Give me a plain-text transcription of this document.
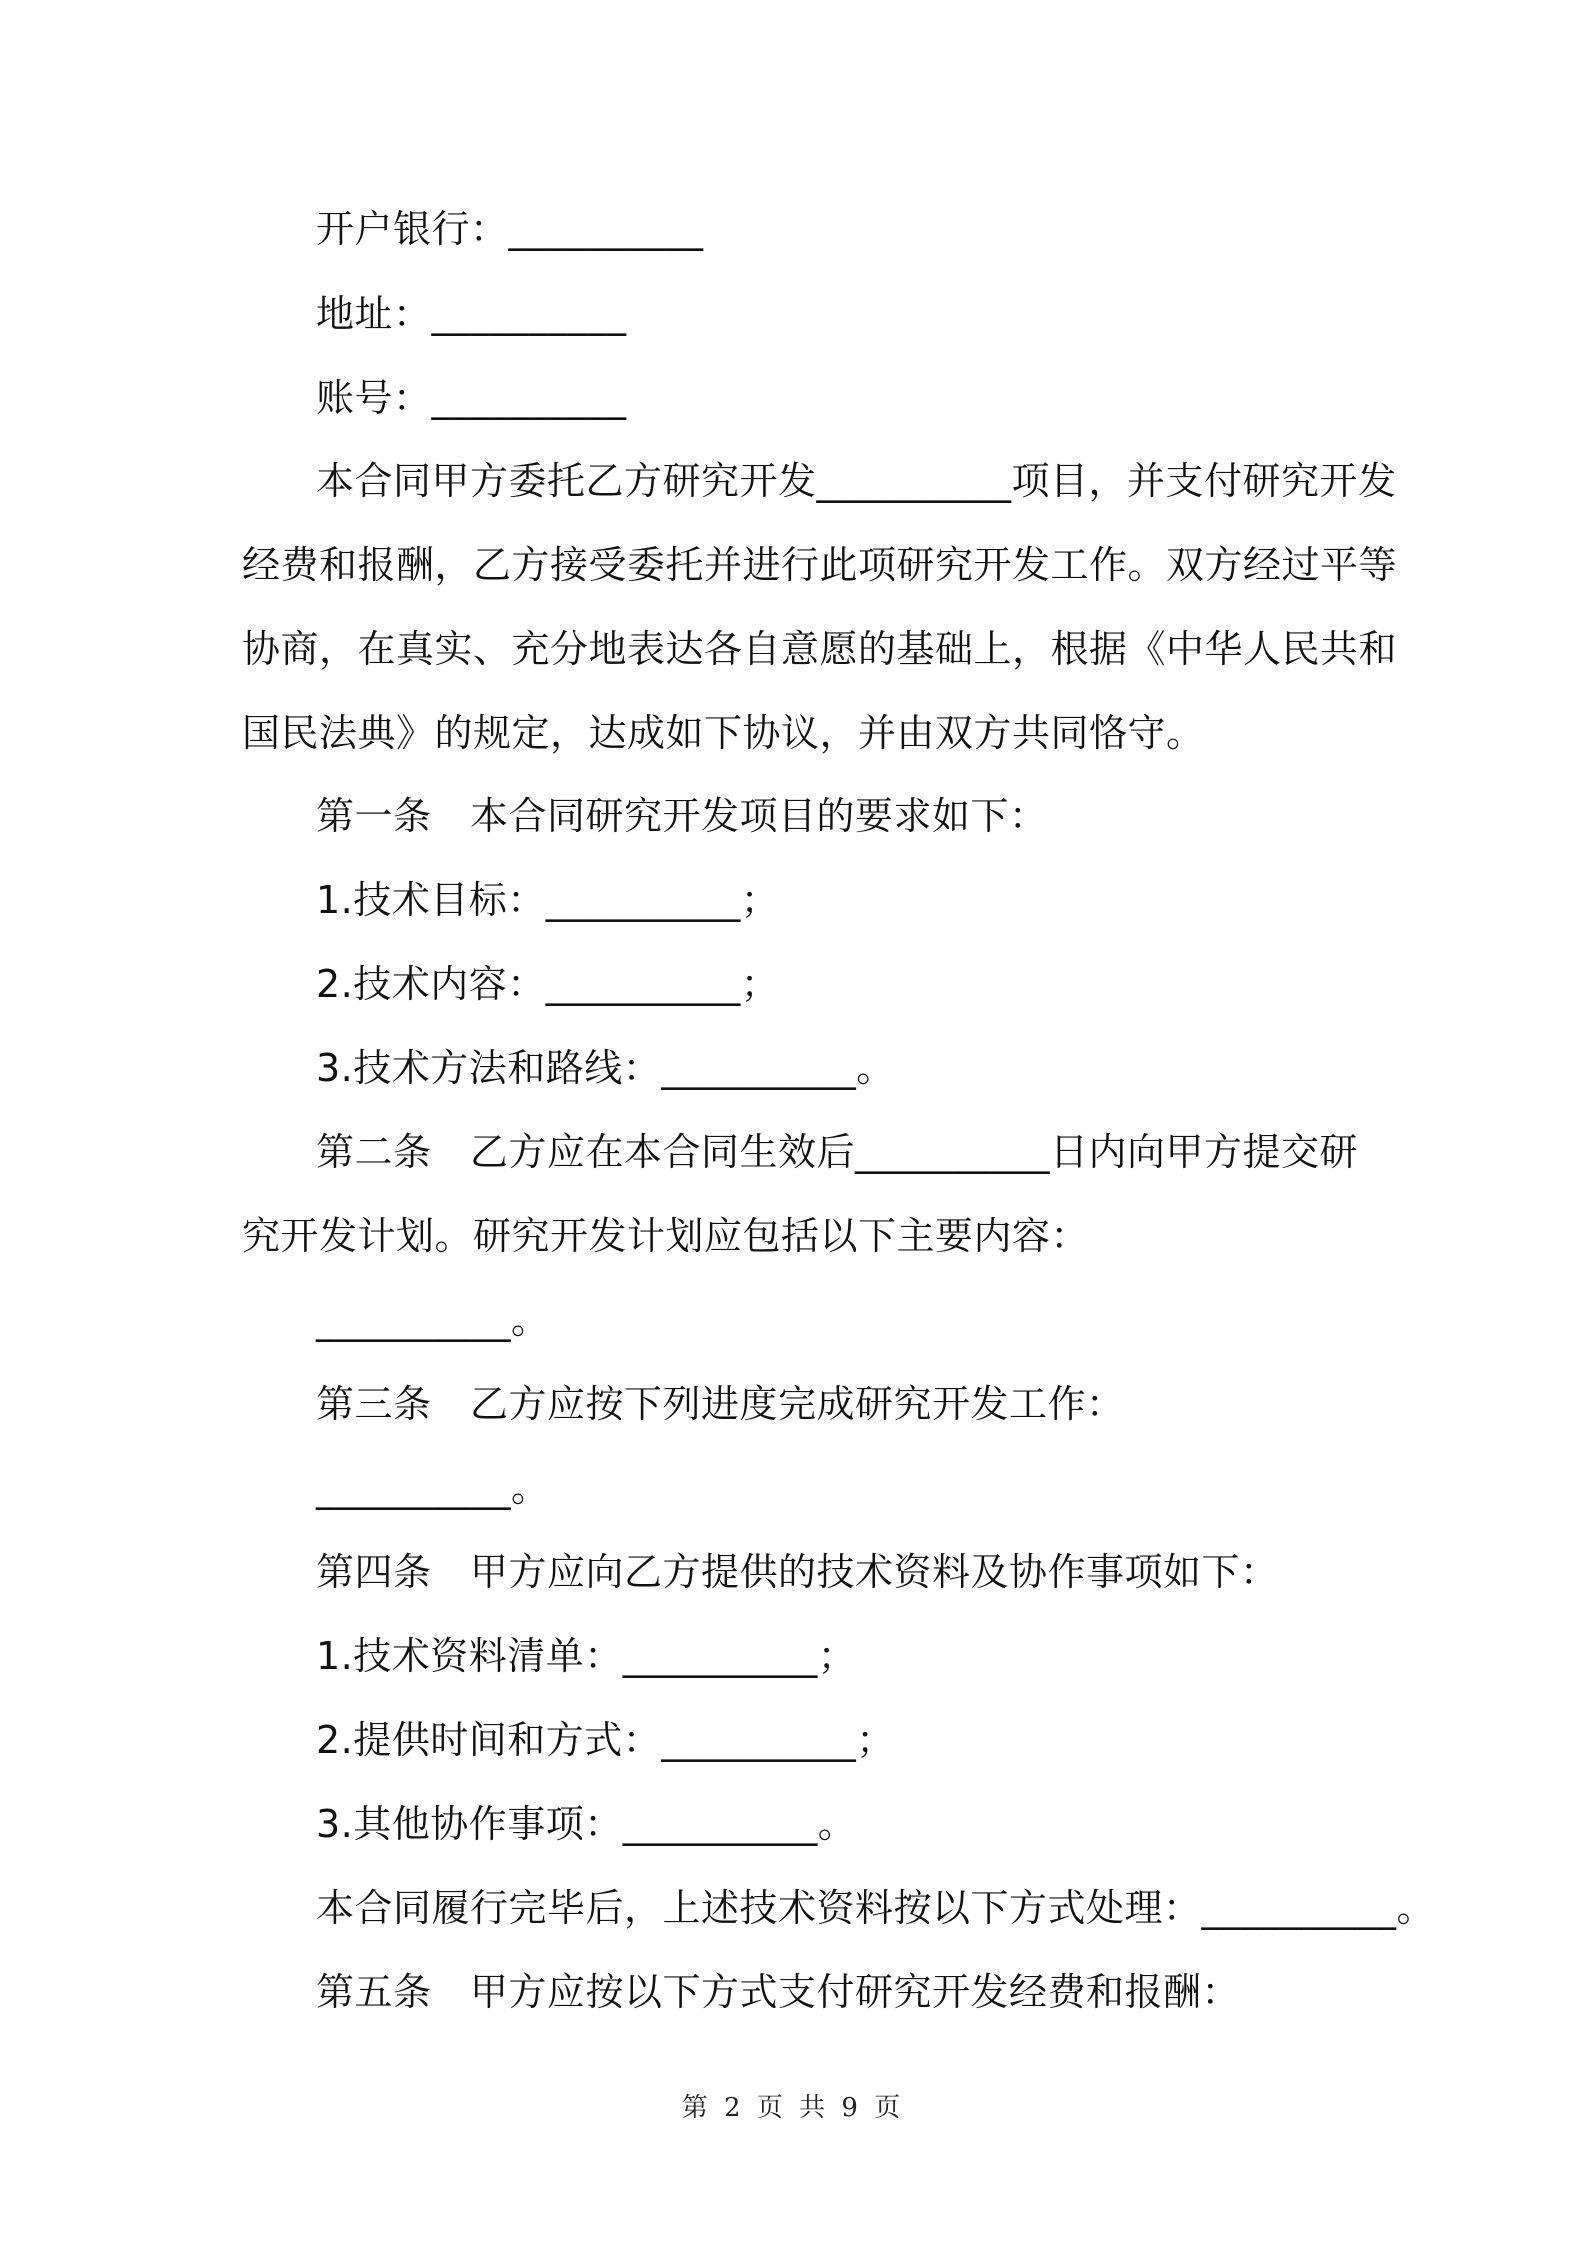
开户银行：__________
地址：__________
账号：__________
本合同甲方委托乙方研究开发__________项目，并支付研究开发
经费和报酬，乙方接受委托并进行此项研究开发工作。双方经过平等
协商，在真实、充分地表达各自意愿的基础上，根据《中华人民共和
国民法典》的规定，达成如下协议，并由双方共同恪守。
第一条　本合同研究开发项目的要求如下：
1.技术目标：__________；
2.技术内容：__________；
3.技术方法和路线：__________。
第二条　乙方应在本合同生效后__________日内向甲方提交研
究开发计划。研究开发计划应包括以下主要内容：
__________。
第三条　乙方应按下列进度完成研究开发工作：
__________。
第四条　甲方应向乙方提供的技术资料及协作事项如下：
1.技术资料清单：__________；
2.提供时间和方式：__________；
3.其他协作事项：__________。
本合同履行完毕后，上述技术资料按以下方式处理：__________。
第五条　甲方应按以下方式支付研究开发经费和报酬：
第 2 页 共 9 页
